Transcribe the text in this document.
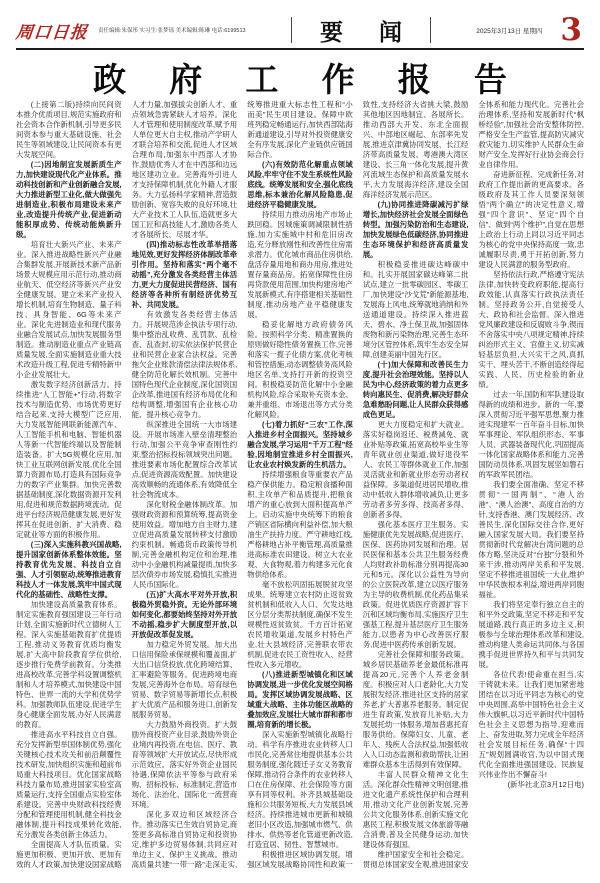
周口日报 责任编辑:朱保彤 实习生:张梦瑶 美术编辑:陈琳 电话:6199513	要 闻	2025年3月13日 星期四 3
政 府 工 作 报 告

(上接第二版)持续向民间资本推介优质项目,规范实施政府和社会资本合作新机制,引导更多民间资本参与重大基础设施、社会民生等领域建设,让民间资本有更大发展空间。

(二)因地制宜发展新质生产力,加快建设现代化产业体系。推动科技创新和产业创新融合发展,大力推进新型工业化,做大做强先进制造业,积极布局建设未来产业,改造提升传统产业,促进新动能积厚成势、传统动能焕新升级。

培育壮大新兴产业、未来产业。深入推进战略性新兴产业融合集群发展,开展新技术新产品新场景大规模应用示范行动,推动商业航天、低空经济等新兴产业安全健康发展。建立未来产业投入增长机制,培育生物制造、量子科技、具身智能、6G等未来产业。深化先进制造业和现代服务业融合发展试点,加快发展服务型制造。推动制造业重点产业链高质量发展,全面实施制造业重大技术改造升级工程,促进专精特新中小企业发展壮大。

激发数字经济创新活力。持续推进“人工智能+”行动,将数字技术与制造优势、市场优势更好结合起来,支持大模型广泛应用,大力发展智能网联新能源汽车、人工智能手机和电脑、智能机器人等新一代智能终端以及智能制造装备。扩大5G规模化应用,加快工业互联网创新发展,优化全国算力资源布局,打造具有国际竞争力的数字产业集群。加快完善数据基础制度,深化数据资源开发利用,促进和规范数据跨境流动。促进平台经济规范健康发展,更好发挥其在促进创新、扩大消费、稳定就业等方面的积极作用。

(三)深入实施科教兴国战略,提升国家创新体系整体效能。坚持教育优先发展、科技自立自强、人才引领驱动,统筹推进教育科技人才一体发展,筑牢中国式现代化的基础性、战略性支撑。

加快建设高质量教育体系。制定实施教育强国建设三年行动计划,全面实施新时代立德树人工程。深入实施基础教育扩优提质工程,推动义务教育优质均衡发展,扩大高中阶段教育学位供给,逐步推行免费学前教育。分类推进高校改革,完善学科设置调整机制和人才培养模式,加快建设中国特色、世界一流的大学和优势学科。加强教师队伍建设,促进学生身心健康全面发展,办好人民满意的教育。

推进高水平科技自立自强。充分发挥新型举国体制优势,强化关键核心技术攻关和前沿颠覆性技术研发,加快组织实施和超前布局重大科技项目。优化国家战略科技力量布局,推进国家实验室高质量运行,支持全国重点实验室体系建设。完善中央财政科技经费分配和管理使用机制,健全科技金融体制,提升科技成果转化效能,充分激发各类创新主体活力。

全面提高人才队伍质量。实施更加积极、更加开放、更加有效的人才政策,加快建设国家战略人才力量,加强拔尖创新人才、重点领域急需紧缺人才培养。深化人才管理和使用制度改革,赋予用人单位更大自主权,推动产学研人才联合培养和交流,促进人才区域合理布局,加强东中西部人才协作,鼓励优秀人才在中西部和边远地区建功立业。完善海外引进人才支持保障机制,优化外籍人才服务。大力弘扬科学家精神,营造鼓励创新、宽容失败的良好环境,壮大产业技术工人队伍,造就更多大国工匠和高技能人才,激励各类人才各展所长、尽展才华。

(四)推动标志性改革举措落地见效,更好发挥经济体制改革牵引作用。坚持和落实“两个毫不动摇”,充分激发各类经营主体活力,更大力度促进民营经济、国有经济等各种所有制经济优势互补、共同发展。

有效激发各类经营主体活力。开展规范涉企执法专项行动,集中整治乱收费、乱罚款、乱检查、乱查封,切实依法保护民营企业和民营企业家合法权益。完善拖欠企业账款清偿法律法规体系,健全防范化解长效机制。完善中国特色现代企业制度,深化国资国企改革,推进国有经济布局优化和结构调整,增强国有企业核心功能、提升核心竞争力。

纵深推进全国统一大市场建设。开展市场准入壁垒清理整治行动,加强公平竞争审查刚性约束,整治招标投标领域突出问题。推进要素市场化配置综合改革试点,促进资源高效配置。加快建设高效顺畅的流通体系,有效降低全社会物流成本。

深化财税金融体制改革。加强财政资源和预算统筹,提高资金使用效益。增加地方自主财力,建立促进高质量发展转移支付激励约束机制。畅通货币政策传导机制,完善金融机构定位和治理,推动中小金融机构减量提质,加快多层次债券市场发展,稳慎扎实推进人民币国际化。

(五)扩大高水平对外开放,积极稳外贸稳外资。无论外部环境如何变化,都要始终坚持对外开放不动摇,稳步扩大制度型开放,以开放促改革促发展。

加力稳定外贸发展。加大出口信用保险承保规模和覆盖面,扩大出口信贷投放,优化跨境结算、汇率避险等服务。促进跨境电商发展,完善海外仓布局。培育绿色贸易、数字贸易等新增长点,积极扩大优质产品和服务进口,创新发展服务贸易。

大力鼓励外商投资。扩大鼓励外商投资产业目录,鼓励外资企业境内再投资,在电信、医疗、教育等领域扩大开放试点,尽快形成示范效应。落实好外资企业国民待遇,保障依法平等参与政府采购、招标投标、标准制定,营造市场化、法治化、国际化一流营商环境。

深化多双边和区域经济合作。推动落实已生效自贸协定,商签更多高标准自贸协定和投资协定,维护多边贸易体制,共同应对单边主义、保护主义挑战。推动高质量共建“一带一路”走深走实,统筹推进重大标志性工程和“小而美”民生项目建设。保障中欧班列稳定畅通运行,加快西部陆海新通道建设,引导对外投资健康安全有序发展,深化产业链供应链国际合作。

(六)有效防范化解重点领域风险,牢牢守住不发生系统性风险底线。统筹发展和安全,强化底线思维,标本兼治化解风险隐患,促进经济平稳健康发展。

持续用力推动房地产市场止跌回稳。因城施策调减限制性措施,加力实施城中村和危旧房改造,充分释放刚性和改善性住房需求潜力。优化城市商品住房供给,盘活存量用地和商办用房,推进处置存量商品房。拓宽保障性住房再贷款使用范围,加快构建房地产发展新模式,有序搭建相关基础性制度,推动房地产业平稳健康发展。

稳妥化解地方政府债务风险。按照科学分类、精准置换的原则做好隐性债务置换工作,完善和落实一揽子化债方案,优化考核和管控措施,动态调整债务高风险地区名单,支持打开新的投资空间。积极稳妥防范化解中小金融机构风险,综合采取补充资本金、兼并重组、市场退出等方式分类化解风险。

(七)着力抓好“三农”工作,深入推进乡村全面振兴。坚持城乡融合发展,学习运用“千万工程”经验,因地制宜推进乡村全面振兴,让农业农村焕发新的生机活力。

持续增强粮食等重要农产品稳产保供能力。稳定粮食播种面积,主攻单产和品质提升,把粮食增产的重心放到大面积提高单产上。启动实施中央统筹下的粮食产销区省际横向利益补偿,加大粮油生产扶持力度。严守耕地红线,严格耕地占补平衡管理,高质量推进高标准农田建设。树立大农业观、大食物观,着力构建多元化食物供给体系。

毫不放松巩固拓展脱贫攻坚成果。统筹建立农村防止返贫致贫机制和低收入人口、欠发达地区分层分类帮扶制度,确保不发生规模性返贫致贫。千方百计拓宽农民增收渠道,发展乡村特色产业,壮大县域经济,完善联农带农机制,促进农民工资性收入、经营性收入多元增收。

(八)推进新型城镇化和区域协调发展,进一步优化发展空间格局。发挥区域协调发展战略、区域重大战略、主体功能区战略的叠加效应,发展壮大城市群和都市圈,培育新的增长极。

深入实施新型城镇化战略行动。科学有序推进农业转移人口市民化,完善常住地提供基本公共服务制度,强化随迁子女义务教育保障,推动符合条件的农业转移人口在住房保障、社会保险等方面享有同等权利。补齐县城基础设施和公共服务短板,大力发展县域经济。持续推进城市更新和城镇老旧小区改造,加强城市燃气、供排水、供热等老化管道更新改造,打造宜居、韧性、智慧城市。

积极推进区域协调发展。增强区域发展战略协同性和政策一致性,支持经济大省挑大梁,鼓励其他地区因地制宜、各展所长。推动西部大开发、东北全面振兴、中部地区崛起、东部率先发展,推进京津冀协同发展、长江经济带高质量发展、粤港澳大湾区建设、长三角一体化发展,提升黄河流域生态保护和高质量发展水平,大力发展海洋经济,建设全国海洋经济发展示范区。

(九)协同推进降碳减污扩绿增长,加快经济社会发展全面绿色转型。加强污染防治和生态建设,加快发展绿色低碳经济,协同推进生态环境保护和经济高质量发展。

积极稳妥推进碳达峰碳中和。扎实开展国家碳达峰第二批试点,建立一批零碳园区、零碳工厂,加快建设“沙戈荒”新能源基地,发展海上风电,统筹就地消纳和外送通道建设。持续深入推进蓝天、碧水、净土保卫战,加强固体废物和新污染物治理,完善生态环境分区管控体系,筑牢生态安全屏障,创建美丽中国先行区。

(十)加大保障和改善民生力度,提升社会治理效能。坚持以人民为中心,经济政策的着力点更多转向惠民生、促消费,解决好群众急难愁盼问题,让人民群众获得感成色更足。

更大力度稳定和扩大就业。落实好稳岗返还、税费减免、就业补贴等政策,拓宽高校毕业生等青年就业创业渠道,做好退役军人、农民工等群体就业工作,加强灵活就业和新就业形态劳动者权益保障。多渠道促进居民增收,推动中低收入群体增收减负,让更多劳动者多劳多得、技高者多得、创新者多得。

强化基本医疗卫生服务。实施健康优先发展战略,促进医疗、医保、医药协同发展和治理。居民医保和基本公共卫生服务经费人均财政补助标准分别再提高30元和5元。深化以公益性为导向的公立医院改革,建立以医疗服务为主导的收费机制,优化药品集采政策。促进优质医疗资源扩容下沉和区域均衡布局,实施医疗卫生强基工程,提升基层医疗卫生服务能力,以患者为中心改善医疗服务,促进中医药传承创新发展。

完善社会保障和服务政策。城乡居民基础养老金最低标准再提高20元,完善个人养老金制度。积极应对人口老龄化,大力发展银发经济,推进社区支持的居家养老,扩大普惠养老服务。制定促进生育政策,发放育儿补贴,大力发展托幼一体服务,增加普惠托育服务供给。保障妇女、儿童、老年人、残疾人合法权益,加强低收入人口动态监测和救助帮扶,让困难群众基本生活得到有效保障。

丰富人民群众精神文化生活。深化群众性精神文明创建,推进文化遗产系统性保护和合理利用,推动文化产业创新发展,完善公共文化服务体系,创新实施文化惠民工程,积极发展文体旅游等融合消费,普及全民健身运动,加快建设体育强国。

维护国家安全和社会稳定。贯彻总体国家安全观,推进国家安全体系和能力现代化。完善社会治理体系,坚持和发展新时代“枫桥经验”,加强社会治安整体防控,严格安全生产监管,提高防灾减灾救灾能力,切实维护人民群众生命财产安全,发挥好行业协会商会行业自律作用。

奋进新征程、完成新任务,对政府工作提出新的更高要求。各级政府及其工作人员要深刻领悟“两个确立”的决定性意义,增强“四个意识”、坚定“四个自信”、做到“两个维护”,自觉在思想上政治上行动上同以习近平同志为核心的党中央保持高度一致,忠诚履职尽责,勇于开拓创新,努力建设人民满意的服务型政府。

坚持依法行政,严格遵守宪法法律,加快转变政府职能,提高行政效能,认真落实行政执法责任制。坚持政务公开,自觉接受人大、政协和社会监督。深入推进党风廉政建设和反腐败斗争,锲而不舍落实中央八项规定精神,持续纠治形式主义、官僚主义,切实减轻基层负担,大兴实干之风,真抓实干、埋头苦干,不断创造经得起实践、人民、历史检验的新业绩。

过去一年,国防和军队建设取得新的成绩和进步。新的一年,要深入贯彻习近平强军思想,聚力推进实现建军一百年奋斗目标,加快军事理论、军队组织形态、军事人员、武器装备现代化,巩固提高一体化国家战略体系和能力,完善国防动员体系,巩固发展坚如磐石的军政军民团结。

我们要全面准确、坚定不移贯彻“一国两制”、“港人治港”、“澳人治澳”、高度自治的方针,支持香港、澳门发展经济、改善民生,深化国际交往合作,更好融入国家发展大局。我们要坚持贯彻新时代党解决台湾问题的总体方略,坚决反对“台独”分裂和外来干涉,推动两岸关系和平发展,坚定不移推进祖国统一大业,维护中华民族根本利益,增进两岸同胞福祉。

我们将坚定奉行独立自主的和平外交政策,坚定不移走和平发展道路,践行真正的多边主义,积极参与全球治理体系改革和建设,推动构建人类命运共同体,与各国携手促进世界持久和平与共同发展。

各位代表!使命重在担当,实干铸就未来。让我们更加紧密地团结在以习近平同志为核心的党中央周围,高举中国特色社会主义伟大旗帜,以习近平新时代中国特色社会主义思想为指导,迎难而上、奋发进取,努力完成全年经济社会发展目标任务,确保“十四五”规划圆满收官,为以中国式现代化全面推进强国建设、民族复兴伟业作出不懈奋斗!

(新华社北京3月12日电)
